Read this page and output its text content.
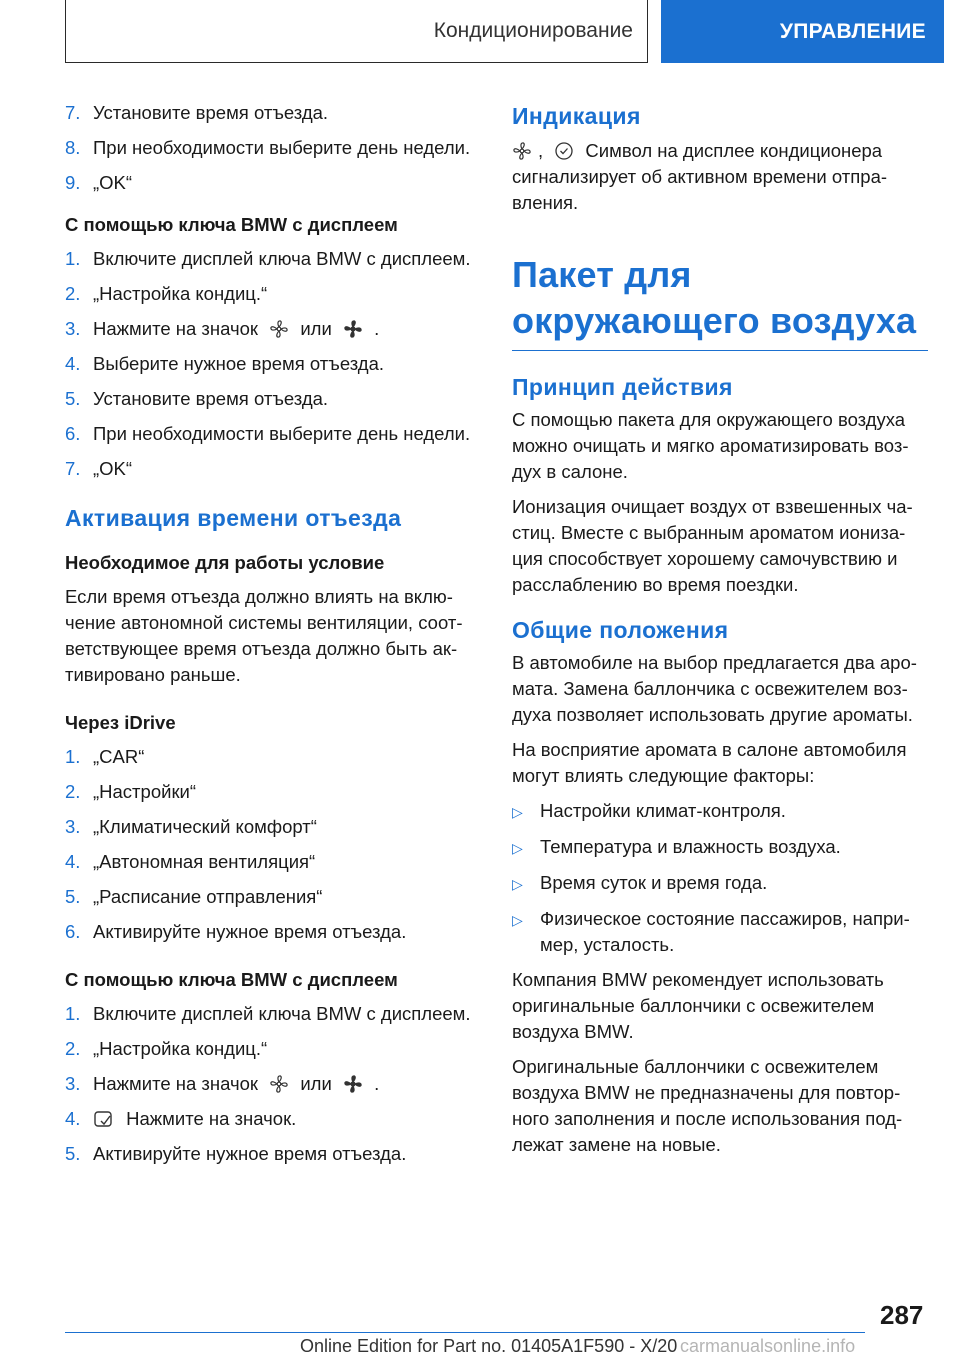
Кондиционирование	УПРАВЛЕНИЕ
7. Установите время отъезда.
8. При необходимости выберите день недели.
9. „OK“
С помощью ключа BMW с дисплеем
1. Включите дисплей ключа BMW с дисплеем.
2. „Настройка кондиц.“
3. Нажмите на значок или .
4. Выберите нужное время отъезда.
5. Установите время отъезда.
6. При необходимости выберите день недели.
7. „OK“
Активация времени отъезда
Необходимое для работы условие
Если время отъезда должно влиять на включение автономной системы вентиляции, соответствующее время отъезда должно быть активировано раньше.
Через iDrive
1. „CAR“
2. „Настройки“
3. „Климатический комфорт“
4. „Автономная вентиляция“
5. „Расписание отправления“
6. Активируйте нужное время отъезда.
С помощью ключа BMW с дисплеем
1. Включите дисплей ключа BMW с дисплеем.
2. „Настройка кондиц.“
3. Нажмите на значок или .
4.	Нажмите на значок.
5. Активируйте нужное время отъезда.
Индикация
, Символ на дисплее кондиционера сигнализирует об активном времени отправления.
Пакет для окружающего воздуха
Принцип действия
С помощью пакета для окружающего воздуха можно очищать и мягко ароматизировать воздух в салоне.
Ионизация очищает воздух от взвешенных частиц. Вместе с выбранным ароматом ионизация способствует хорошему самочувствию и расслаблению во время поездки.
Общие положения
В автомобиле на выбор предлагается два аромата. Замена баллончика с освежителем воздуха позволяет использовать другие ароматы.
На восприятие аромата в салоне автомобиля могут влиять следующие факторы:
▷ Настройки климат-контроля.
▷ Температура и влажность воздуха.
▷ Время суток и время года.
▷ Физическое состояние пассажиров, например, усталость.
Компания BMW рекомендует использовать оригинальные баллончики с освежителем воздуха BMW.
Оригинальные баллончики с освежителем воздуха BMW не предназначены для повторного заполнения и после использования подлежат замене на новые.
287
Online Edition for Part no. 01405A1F590 - X/20 carmanualsonline.info
